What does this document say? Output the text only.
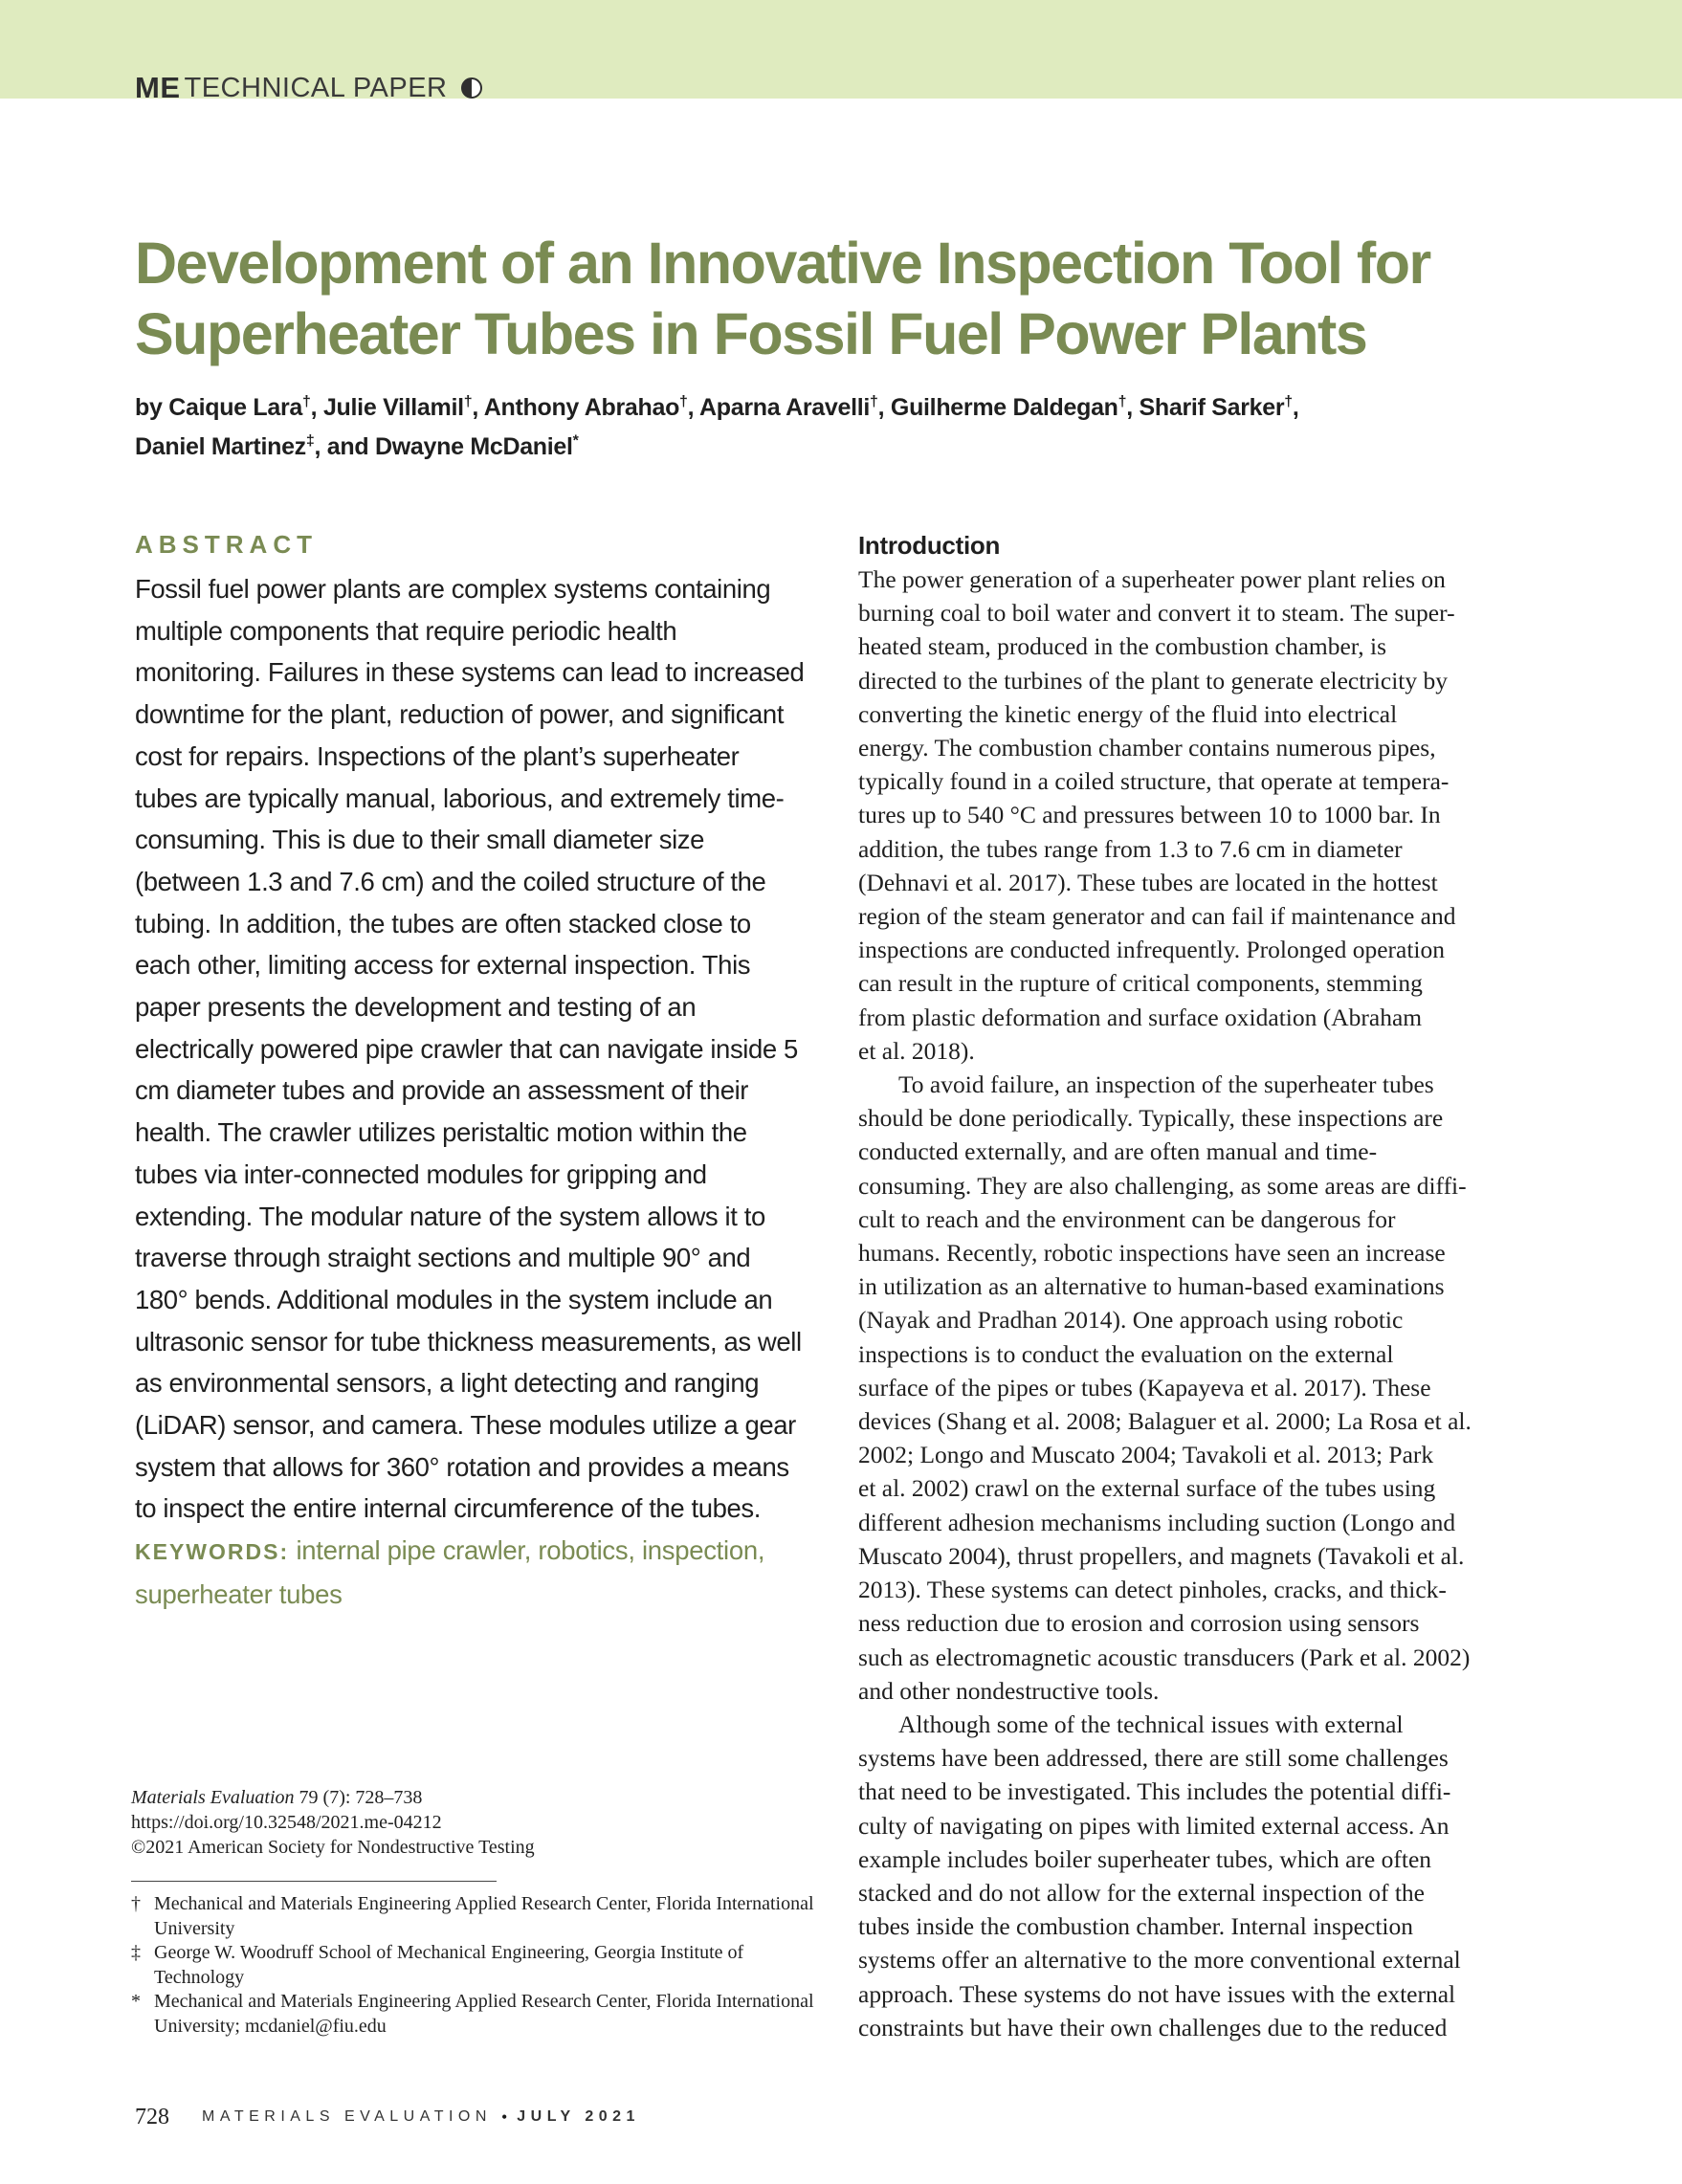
ME TECHNICAL PAPER
Development of an Innovative Inspection Tool for Superheater Tubes in Fossil Fuel Power Plants
by Caique Lara†, Julie Villamil†, Anthony Abrahao†, Aparna Aravelli†, Guilherme Daldegan†, Sharif Sarker†,
Daniel Martinez‡, and Dwayne McDaniel*
ABSTRACT
Fossil fuel power plants are complex systems containing multiple components that require periodic health monitoring. Failures in these systems can lead to increased downtime for the plant, reduction of power, and significant cost for repairs. Inspections of the plant’s superheater tubes are typically manual, laborious, and extremely time-consuming. This is due to their small diameter size (between 1.3 and 7.6 cm) and the coiled structure of the tubing. In addition, the tubes are often stacked close to each other, limiting access for external inspection. This paper presents the development and testing of an electrically powered pipe crawler that can navigate inside 5 cm diameter tubes and provide an assessment of their health. The crawler utilizes peristaltic motion within the tubes via inter-connected modules for gripping and extending. The modular nature of the system allows it to traverse through straight sections and multiple 90° and 180° bends. Additional modules in the system include an ultrasonic sensor for tube thickness measurements, as well as environmental sensors, a light detecting and ranging (LiDAR) sensor, and camera. These modules utilize a gear system that allows for 360° rotation and provides a means to inspect the entire internal circumference of the tubes.
KEYWORDS: internal pipe crawler, robotics, inspection, superheater tubes
Materials Evaluation 79 (7): 728–738
https://doi.org/10.32548/2021.me-04212
©2021 American Society for Nondestructive Testing
† Mechanical and Materials Engineering Applied Research Center, Florida International University
‡ George W. Woodruff School of Mechanical Engineering, Georgia Institute of Technology
* Mechanical and Materials Engineering Applied Research Center, Florida International University; mcdaniel@fiu.edu
Introduction
The power generation of a superheater power plant relies on
burning coal to boil water and convert it to steam. The super-
heated steam, produced in the combustion chamber, is
directed to the turbines of the plant to generate electricity by
converting the kinetic energy of the fluid into electrical
energy. The combustion chamber contains numerous pipes,
typically found in a coiled structure, that operate at tempera-
tures up to 540 °C and pressures between 10 to 1000 bar. In
addition, the tubes range from 1.3 to 7.6 cm in diameter
(Dehnavi et al. 2017). These tubes are located in the hottest
region of the steam generator and can fail if maintenance and
inspections are conducted infrequently. Prolonged operation
can result in the rupture of critical components, stemming
from plastic deformation and surface oxidation (Abraham
et al. 2018).
To avoid failure, an inspection of the superheater tubes
should be done periodically. Typically, these inspections are
conducted externally, and are often manual and time-
consuming. They are also challenging, as some areas are diffi-
cult to reach and the environment can be dangerous for
humans. Recently, robotic inspections have seen an increase
in utilization as an alternative to human-based examinations
(Nayak and Pradhan 2014). One approach using robotic
inspections is to conduct the evaluation on the external
surface of the pipes or tubes (Kapayeva et al. 2017). These
devices (Shang et al. 2008; Balaguer et al. 2000; La Rosa et al.
2002; Longo and Muscato 2004; Tavakoli et al. 2013; Park
et al. 2002) crawl on the external surface of the tubes using
different adhesion mechanisms including suction (Longo and
Muscato 2004), thrust propellers, and magnets (Tavakoli et al.
2013). These systems can detect pinholes, cracks, and thick-
ness reduction due to erosion and corrosion using sensors
such as electromagnetic acoustic transducers (Park et al. 2002)
and other nondestructive tools.
Although some of the technical issues with external
systems have been addressed, there are still some challenges
that need to be investigated. This includes the potential diffi-
culty of navigating on pipes with limited external access. An
example includes boiler superheater tubes, which are often
stacked and do not allow for the external inspection of the
tubes inside the combustion chamber. Internal inspection
systems offer an alternative to the more conventional external
approach. These systems do not have issues with the external
constraints but have their own challenges due to the reduced
728 MATERIALS EVALUATION • JULY 2021
